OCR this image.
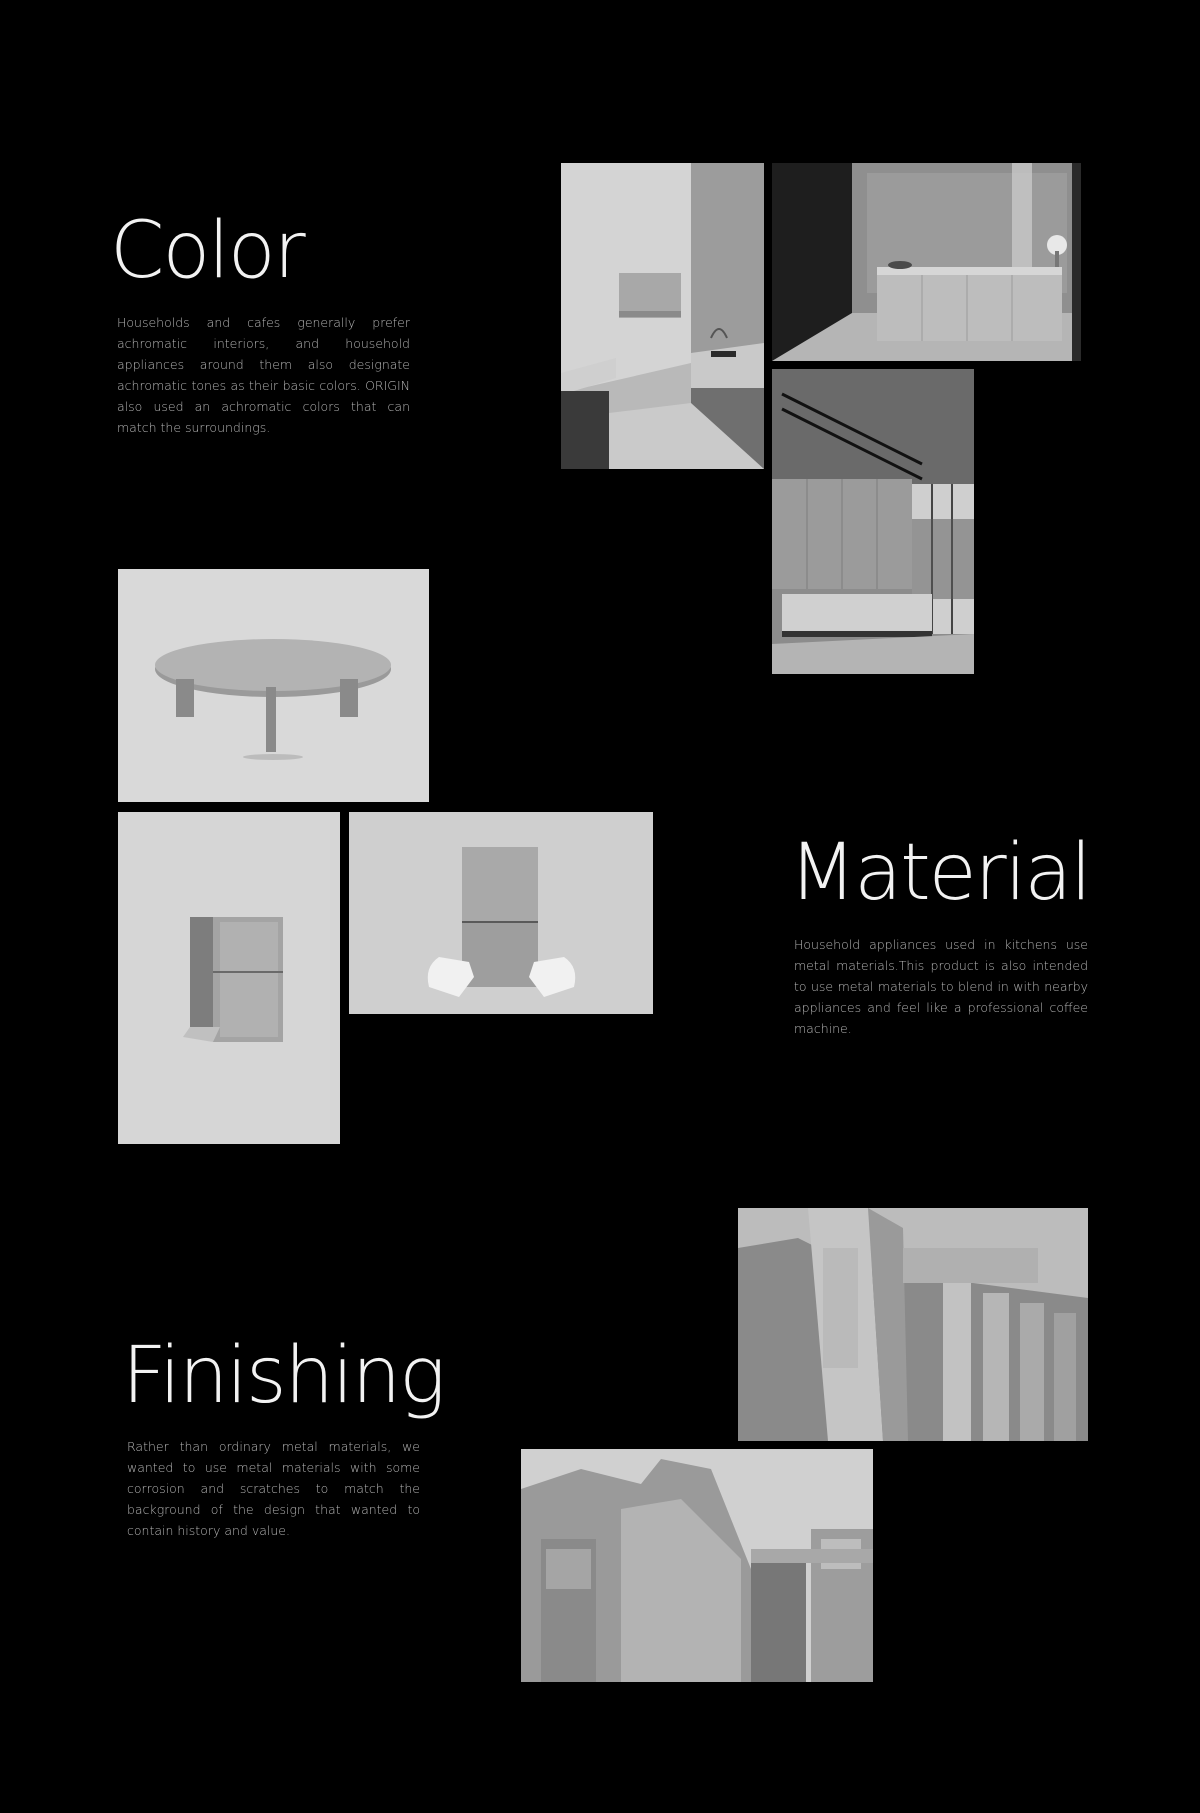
Color

Households and cafes generally prefer achromatic interiors, and household appliances around them also designate achromatic tones as their basic colors. ORIGIN also used an achromatic colors that can match the surroundings.

Material

Household appliances used in kitchens use metal materials.This product is also intended to use metal materials to blend in with nearby appliances and feel like a professional coffee machine.

Finishing

Rather than ordinary metal materials, we wanted to use metal materials with some corrosion and scratches to match the background of the design that wanted to contain history and value.
